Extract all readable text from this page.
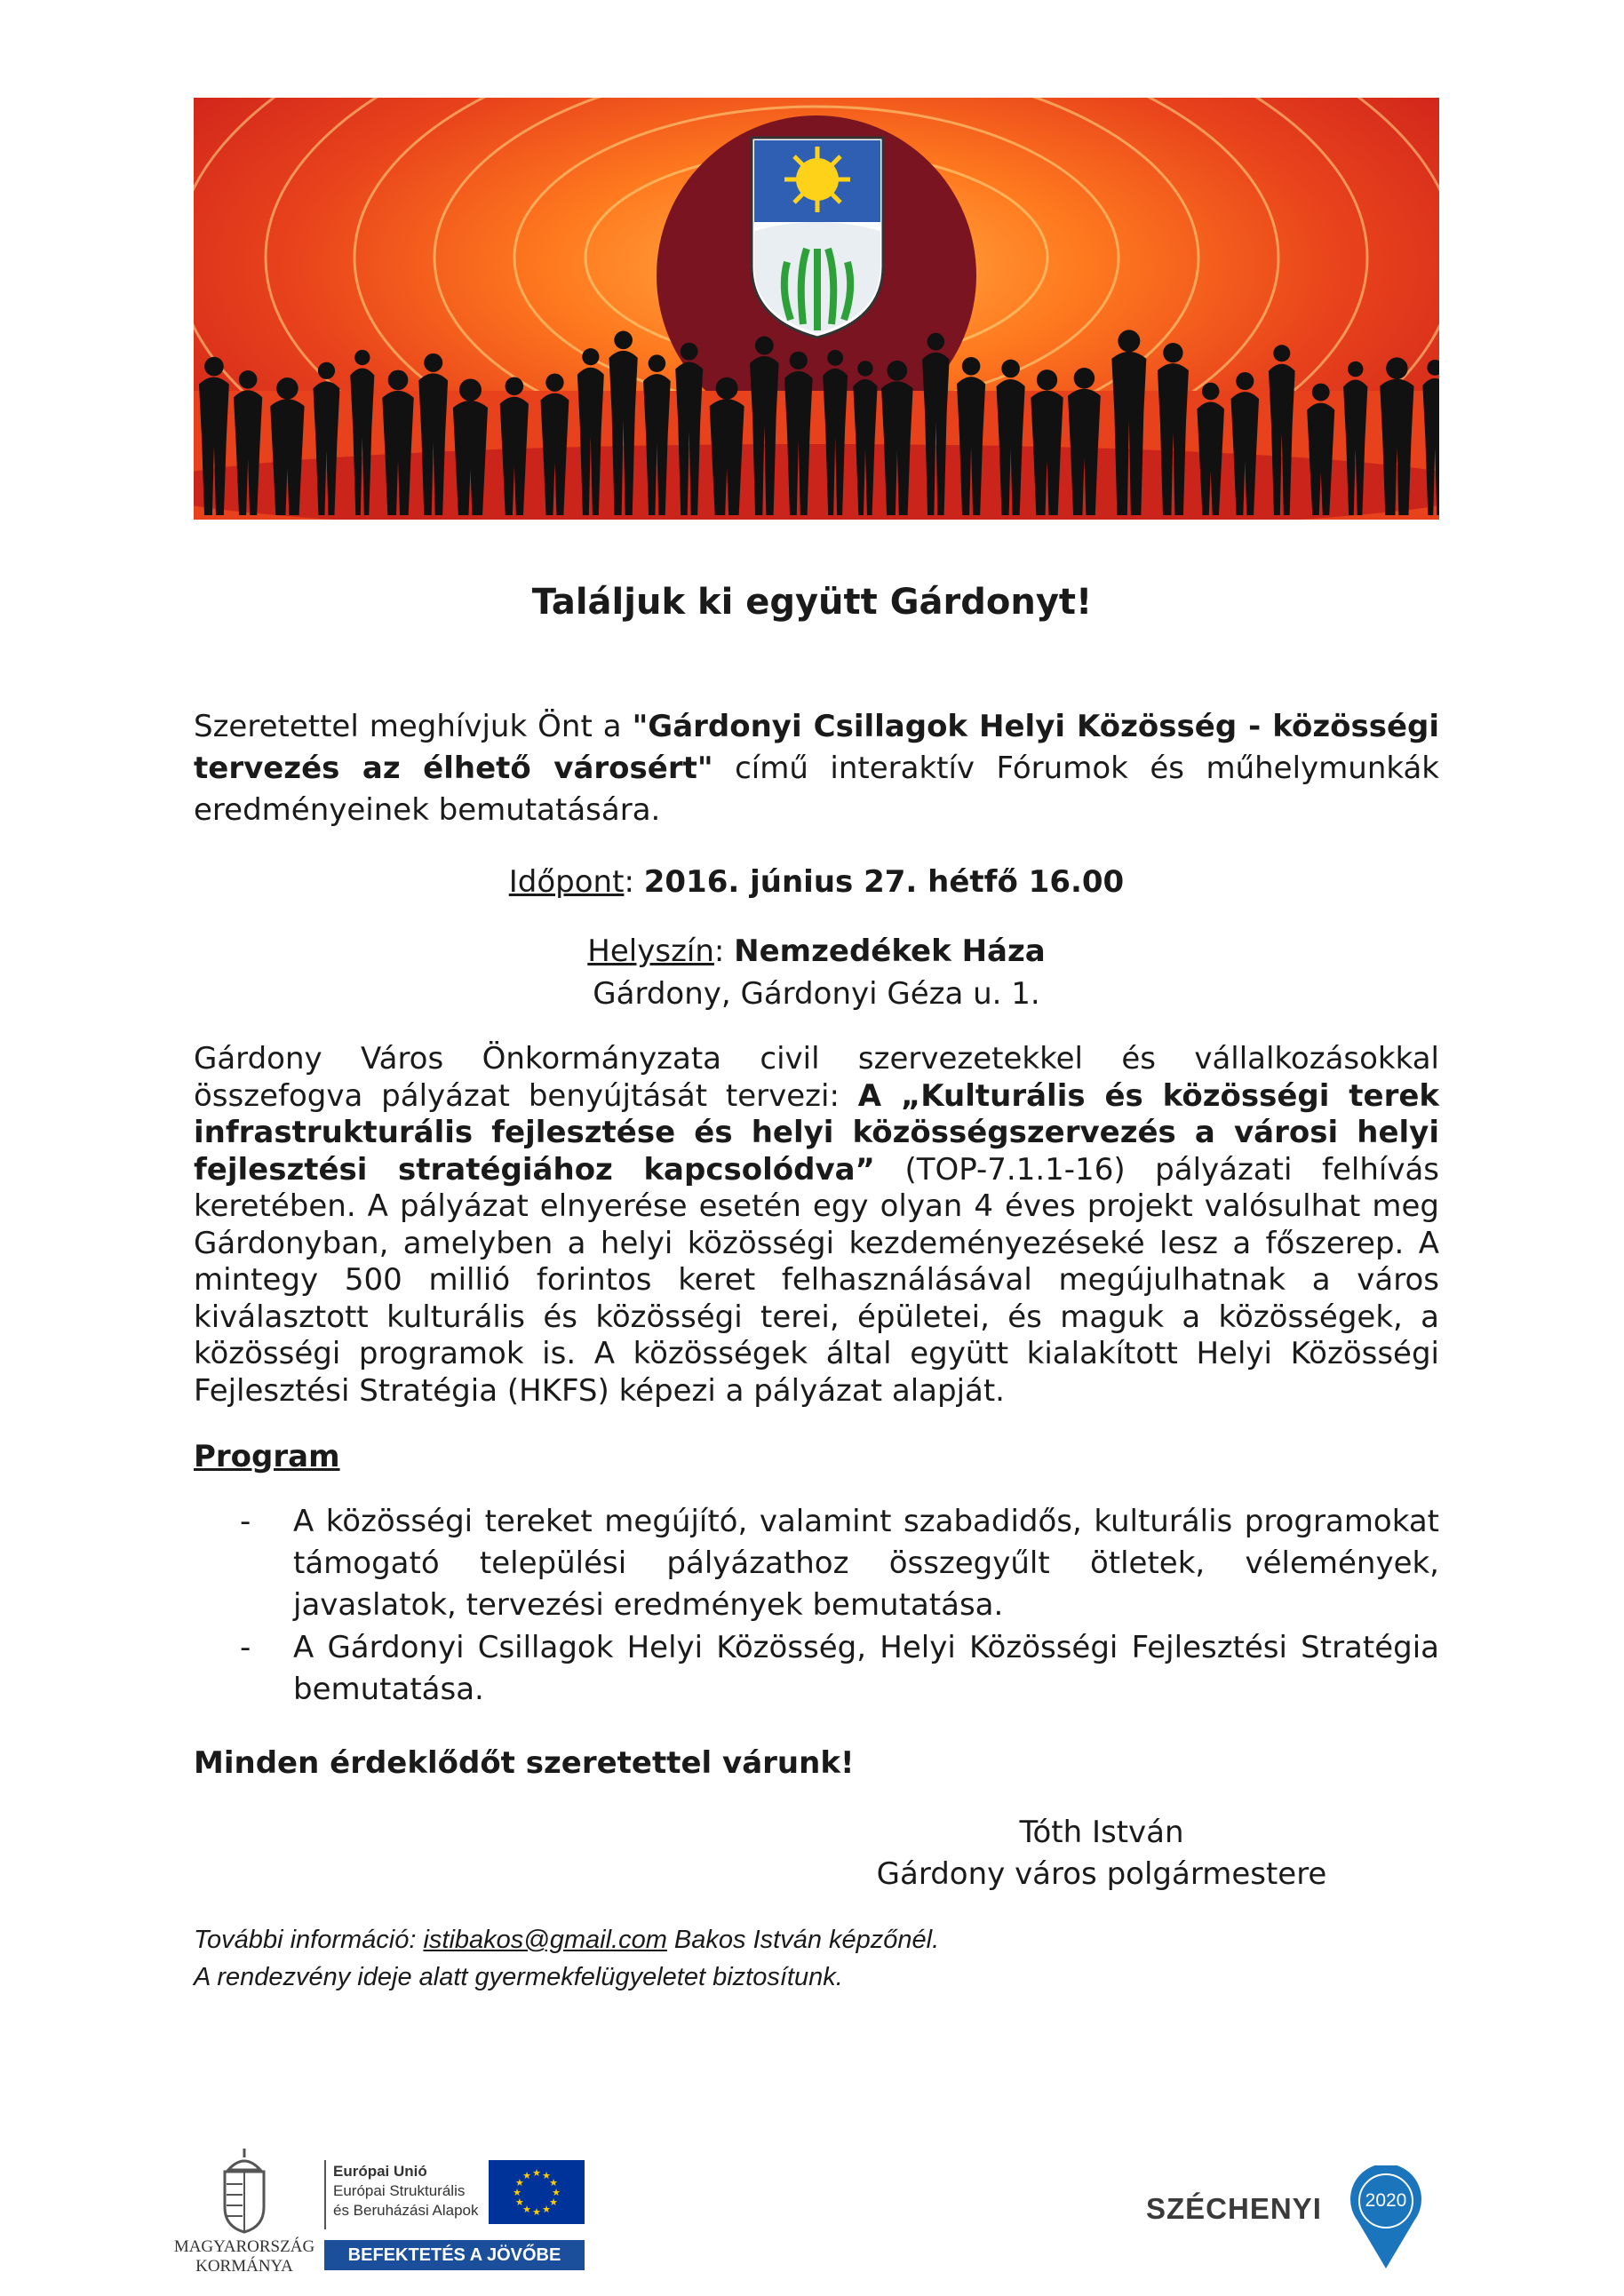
Találjuk ki együtt Gárdonyt!
Szeretettel meghívjuk Önt a "Gárdonyi Csillagok Helyi Közösség - közösségi tervezés az élhető városért" című interaktív Fórumok és műhelymunkák eredményeinek bemutatására.
Időpont: 2016. június 27. hétfő 16.00
Helyszín: Nemzedékek Háza
Gárdony, Gárdonyi Géza u. 1.
Gárdony Város Önkormányzata civil szervezetekkel és vállalkozásokkal összefogva pályázat benyújtását tervezi: A „Kulturális és közösségi terek infrastrukturális fejlesztése és helyi közösségszervezés a városi helyi fejlesztési stratégiához kapcsolódva” (TOP-7.1.1-16) pályázati felhívás keretében. A pályázat elnyerése esetén egy olyan 4 éves projekt valósulhat meg Gárdonyban, amelyben a helyi közösségi kezdeményezéseké lesz a főszerep. A mintegy 500 millió forintos keret felhasználásával megújulhatnak a város kiválasztott kulturális és közösségi terei, épületei, és maguk a közösségek, a közösségi programok is. A közösségek által együtt kialakított Helyi Közösségi Fejlesztési Stratégia (HKFS) képezi a pályázat alapját.
Program
- A közösségi tereket megújító, valamint szabadidős, kulturális programokat támogató települési pályázathoz összegyűlt ötletek, vélemények, javaslatok, tervezési eredmények bemutatása.
- A Gárdonyi Csillagok Helyi Közösség, Helyi Közösségi Fejlesztési Stratégia bemutatása.
Minden érdeklődőt szeretettel várunk!
Tóth István
Gárdony város polgármestere
További információ: istibakos@gmail.com Bakos István képzőnél.
A rendezvény ideje alatt gyermekfelügyeletet biztosítunk.
MAGYARORSZÁG
KORMÁNYA
Európai Unió
Európai Strukturális
és Beruházási Alapok
★
★
★
★
★
★
★
★
★ ★ ★
★
BEFEKTETÉS A JÖVŐBE
SZÉCHENYI	2020
